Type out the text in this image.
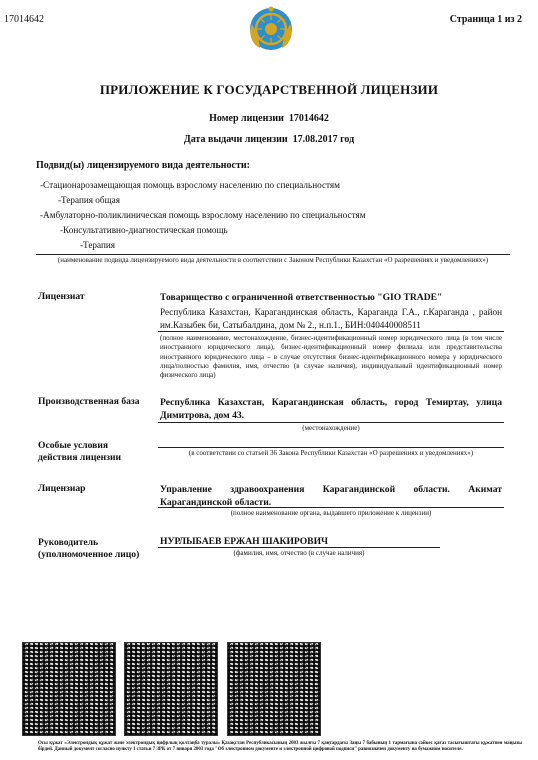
17014642	Страница 1 из 2
ПРИЛОЖЕНИЕ К ГОСУДАРСТВЕННОЙ ЛИЦЕНЗИИ
Номер лицензии 17014642
Дата выдачи лицензии 17.08.2017 год
Подвид(ы) лицензируемого вида деятельности:
-Стационарозамещающая помощь взрослому населению по специальностям
-Терапия общая
-Амбулаторно-поликлиническая помощь взрослому населению по специальностям
-Консультативно-диагностическая помощь
-Терапия
(наименование подвида лицензируемого вида деятельности в соответствии с Законом Республики Казахстан «О разрешениях и уведомлениях»)
Лицензиат	Товарищество с ограниченной ответственностью "GIO TRADE"
Республика Казахстан, Карагандинская область, Караганда Г.А., г.Караганда , район им.Казыбек би, Сатыбалдина, дом № 2., н.п.1., БИН:040440008511
(полное наименование, местонахождение, бизнес-идентификационный номер юридического лица (в том числе иностранного юридического лица), бизнес-идентификационный номер филиала или представительства иностранного юридического лица – в случае отсутствия бизнес-идентификационного номера у юридического лица/полностью фамилия, имя, отчество (в случае наличия), индивидуальный идентификационный номер физического лица)
Производственная база Республика Казахстан, Карагандинская область, город Темиртау, улица Димитрова, дом 43.
(местонахождение)
Особые условия
действия лицензии	(в соответствии со статьей 36 Закона Республики Казахстан «О разрешениях и уведомлениях»)
Лицензиар	Управление здравоохранения Карагандинской области. Акимат Карагандинской области.
(полное наименование органа, выдавшего приложение к лицензии)
Руководитель
(уполномоченное лицо)
НУРЛЫБАЕВ ЕРЖАН ШАКИРОВИЧ
(фамилия, имя, отчество (в случае наличия)
Осы құжат «Электрондық құжат және электрондық цифрлық қолтаңба туралы» Қазақстан Республикасының 2003 жылғы 7 қаңтардағы Заңы 7 бабының 1 тармағына сәйкес қағаз тасығыштағы құжатпен маңызы бірдей. Данный документ согласно пункту 1 статьи 7 ЗРК от 7 января 2003 года "Об электронном документе и электронной цифровой подписи" равнозначен документу на бумажном носителе.
